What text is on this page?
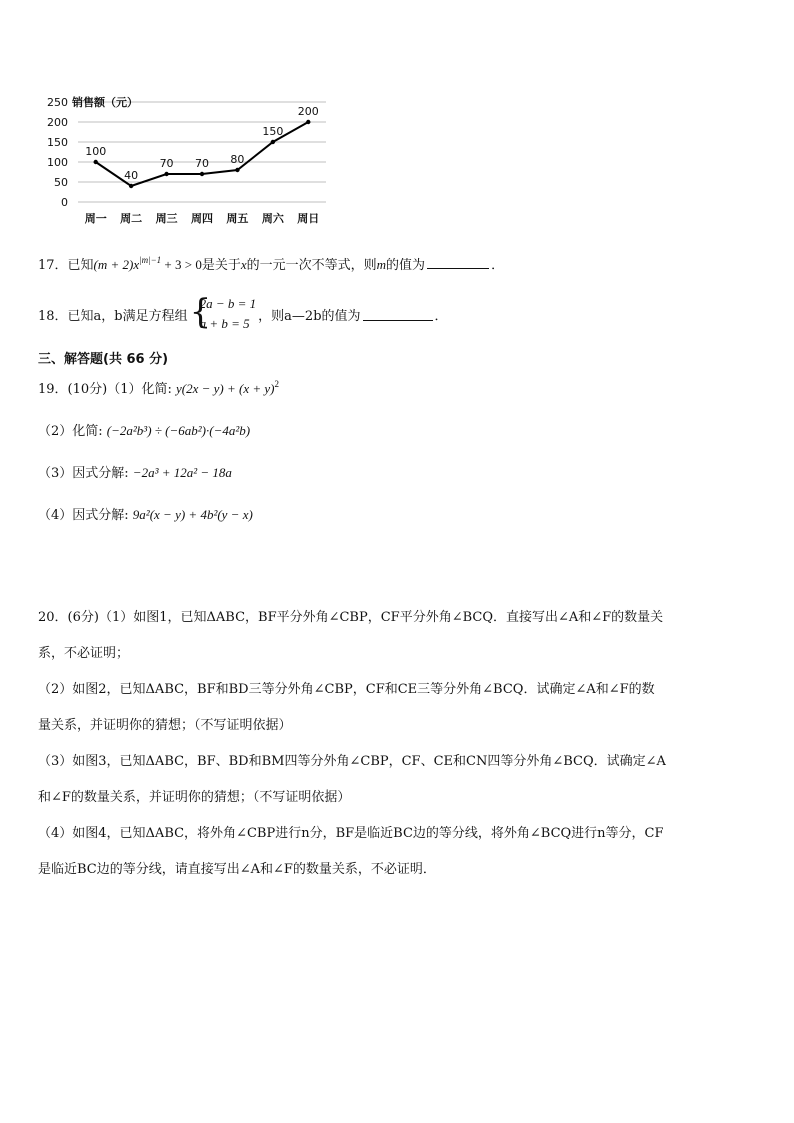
0
50
100
150
200
250 销售额（元）
100
40
70 70 80
150
200
周一 周二 周三 周四 周五 周六 周日
17．已知$(m + 2)x^{|m|-1} + 3 > 0$是关于x的一元一次不等式，则m的值为	．
18．已知a，b满足方程组 {
2a − b = 1
a + b = 5 ，则a—2b的值为	．
三、解答题(共 66 分)
19．(10分)（1）化简: $y(2x - y) + (x + y)^2$
（2）化简: (−2a²b³) ÷ (−6ab²)·(−4a²b)
（3）因式分解: −2a³ + 12a² − 18a
（4）因式分解: 9a²(x − y) + 4b²(y − x)
20．(6分)（1）如图1，已知ΔABC，BF平分外角∠CBP，CF平分外角∠BCQ．直接写出∠A和∠F的数量关
系，不必证明；
（2）如图2，已知ΔABC，BF和BD三等分外角∠CBP，CF和CE三等分外角∠BCQ．试确定∠A和∠F的数
量关系，并证明你的猜想；（不写证明依据）
（3）如图3，已知ΔABC，BF、BD和BM四等分外角∠CBP，CF、CE和CN四等分外角∠BCQ．试确定∠A
和∠F的数量关系，并证明你的猜想；（不写证明依据）
（4）如图4，已知ΔABC，将外角∠CBP进行n分，BF是临近BC边的等分线，将外角∠BCQ进行n等分，CF
是临近BC边的等分线，请直接写出∠A和∠F的数量关系，不必证明．
